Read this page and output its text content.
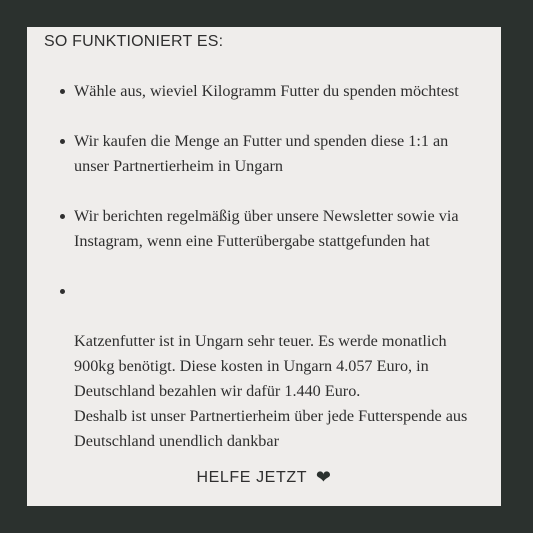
SO FUNKTIONIERT ES:
Wähle aus, wieviel Kilogramm Futter du spenden möchtest
Wir kaufen die Menge an Futter und spenden diese 1:1 an unser Partnertierheim in Ungarn
Wir berichten regelmäßig über unsere Newsletter sowie via Instagram, wenn eine Futterübergabe stattgefunden hat

Katzenfutter ist in Ungarn sehr teuer. Es werde monatlich 900kg benötigt. Diese kosten in Ungarn 4.057 Euro, in Deutschland bezahlen wir dafür 1.440 Euro.
Deshalb ist unser Partnertierheim über jede Futterspende aus Deutschland unendlich dankbar

HELFE JETZT ❤
